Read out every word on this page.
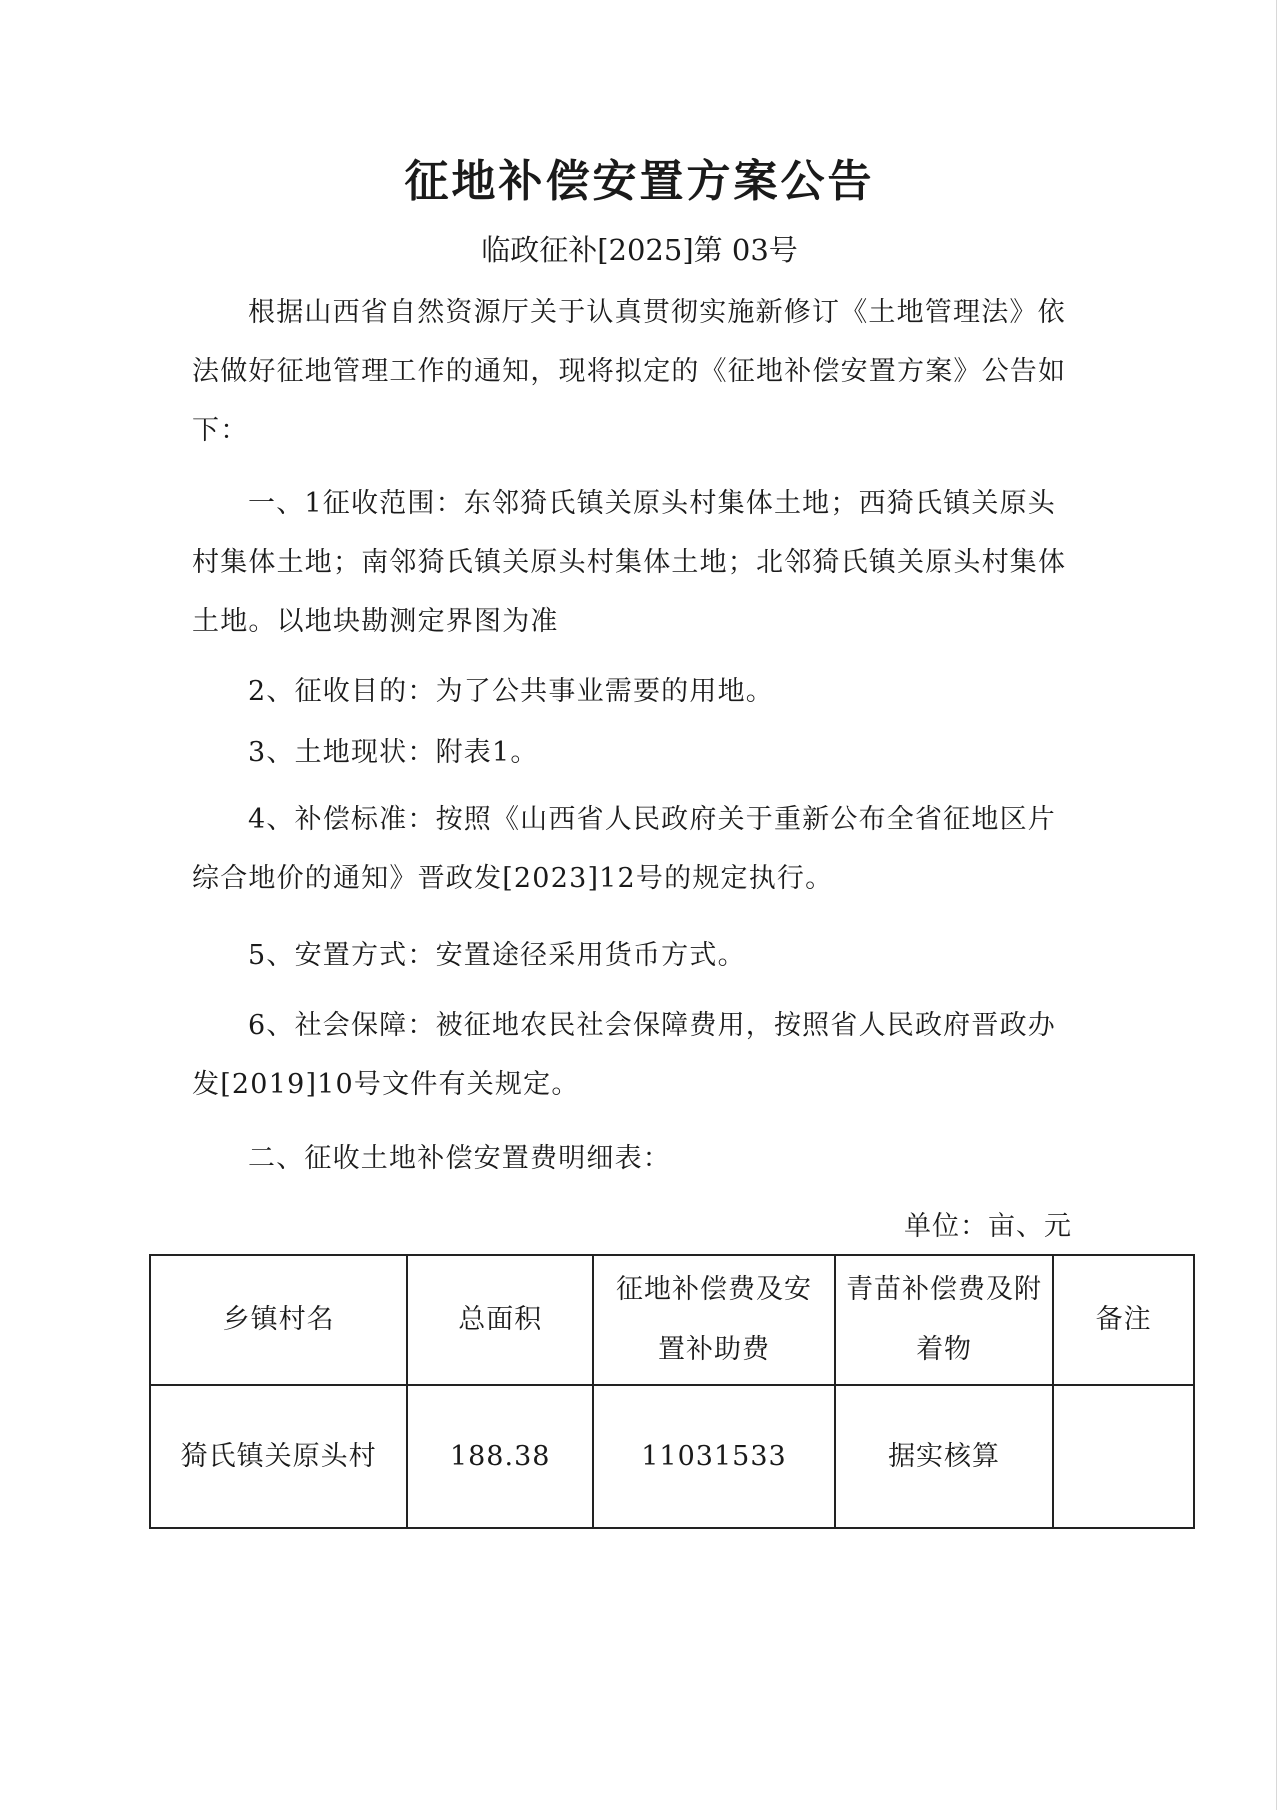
征地补偿安置方案公告

临政征补[2025]第 03号

根据山西省自然资源厅关于认真贯彻实施新修订《土地管理法》依法做好征地管理工作的通知，现将拟定的《征地补偿安置方案》公告如下：

一、1征收范围：东邻猗氏镇关原头村集体土地；西猗氏镇关原头村集体土地；南邻猗氏镇关原头村集体土地；北邻猗氏镇关原头村集体土地。以地块勘测定界图为准

2、征收目的：为了公共事业需要的用地。

3、土地现状：附表1。

4、补偿标准：按照《山西省人民政府关于重新公布全省征地区片综合地价的通知》晋政发[2023]12号的规定执行。

5、安置方式：安置途径采用货币方式。

6、社会保障：被征地农民社会保障费用，按照省人民政府晋政办发[2019]10号文件有关规定。

二、征收土地补偿安置费明细表：

单位：亩、元

乡镇村名	总面积	征地补偿费及安置补助费	青苗补偿费及附着物	备注
猗氏镇关原头村	188.38	11031533	据实核算	
